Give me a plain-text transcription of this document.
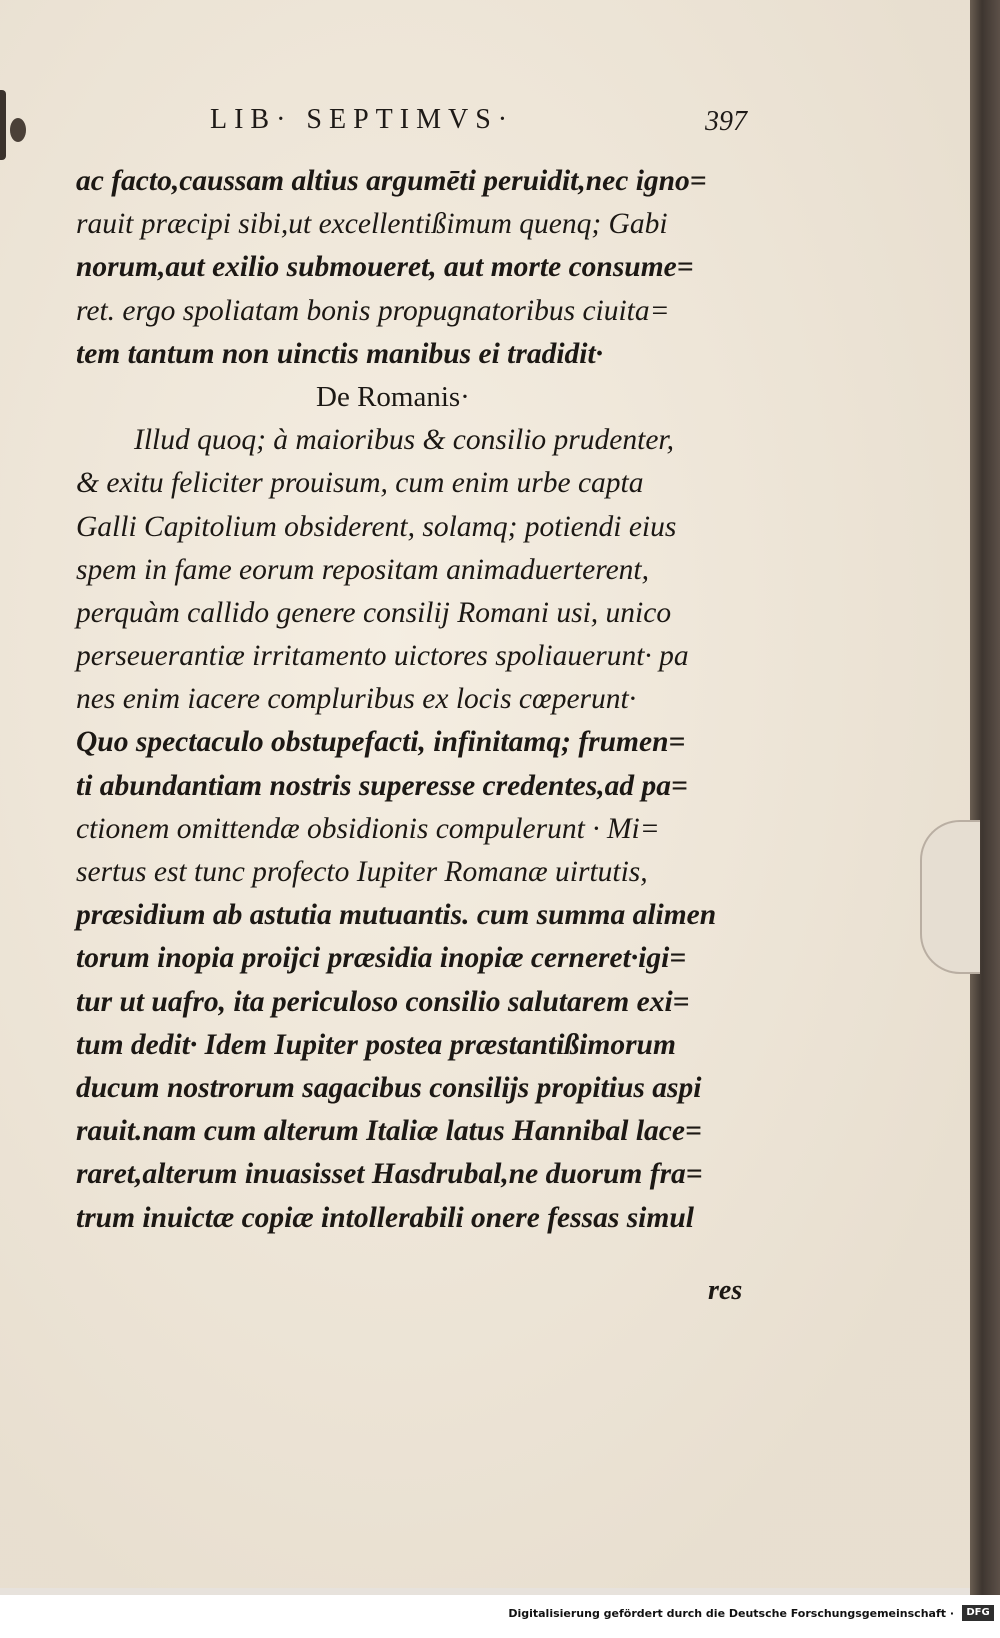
LIB· SEPTIMVS·	397
ac facto,caussam altius argumēti peruidit,nec igno=
rauit præcipi sibi,ut excellentißimum quenq; Gabi
norum,aut exilio submoueret, aut morte consume=
ret. ergo spoliatam bonis propugnatoribus ciuita=
tem tantum non uinctis manibus ei tradidit·
De Romanis·
Illud quoq; à maioribus & consilio prudenter,
& exitu feliciter prouisum, cum enim urbe capta
Galli Capitolium obsiderent, solamq; potiendi eius
spem in fame eorum repositam animaduerterent,
perquàm callido genere consilij Romani usi, unico
perseuerantiæ irritamento uictores spoliauerunt· pa
nes enim iacere compluribus ex locis cœperunt·
Quo spectaculo obstupefacti, infinitamq; frumen=
ti abundantiam nostris superesse credentes,ad pa=
ctionem omittendæ obsidionis compulerunt · Mi=
sertus est tunc profecto Iupiter Romanæ uirtutis,
præsidium ab astutia mutuantis. cum summa alimen
torum inopia proijci præsidia inopiæ cerneret·igi=
tur ut uafro, ita periculoso consilio salutarem exi=
tum dedit· Idem Iupiter postea præstantißimorum
ducum nostrorum sagacibus consilijs propitius aspi
rauit.nam cum alterum Italiæ latus Hannibal lace=
raret,alterum inuasisset Hasdrubal,ne duorum fra=
trum inuictæ copiæ intollerabili onere fessas simul
res
Digitalisierung gefördert durch die Deutsche Forschungsgemeinschaft ·	DFG
